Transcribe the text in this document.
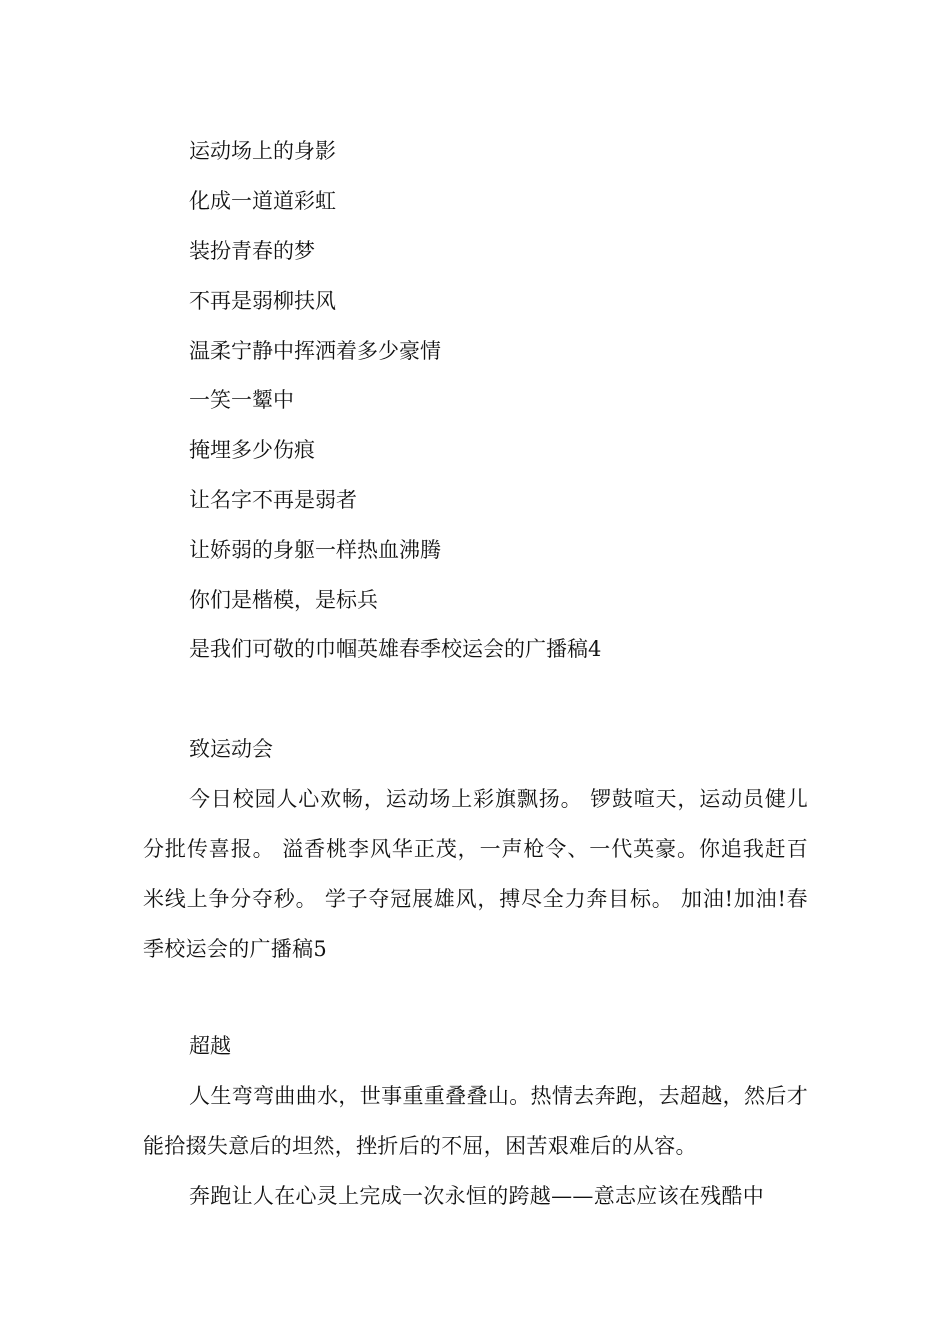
运动场上的身影
化成一道道彩虹
装扮青春的梦
不再是弱柳扶风
温柔宁静中挥洒着多少豪情
一笑一颦中
掩埋多少伤痕
让名字不再是弱者
让娇弱的身躯一样热血沸腾
你们是楷模，是标兵
是我们可敬的巾帼英雄春季校运会的广播稿4
致运动会
今日校园人心欢畅，运动场上彩旗飘扬。 锣鼓喧天，运动员健儿分批传喜报。 溢香桃李风华正茂，一声枪令、一代英豪。你追我赶百米线上争分夺秒。 学子夺冠展雄风，搏尽全力奔目标。 加油!加油!春季校运会的广播稿5
超越
人生弯弯曲曲水，世事重重叠叠山。热情去奔跑，去超越，然后才能拾掇失意后的坦然，挫折后的不屈，困苦艰难后的从容。
奔跑让人在心灵上完成一次永恒的跨越——意志应该在残酷中
